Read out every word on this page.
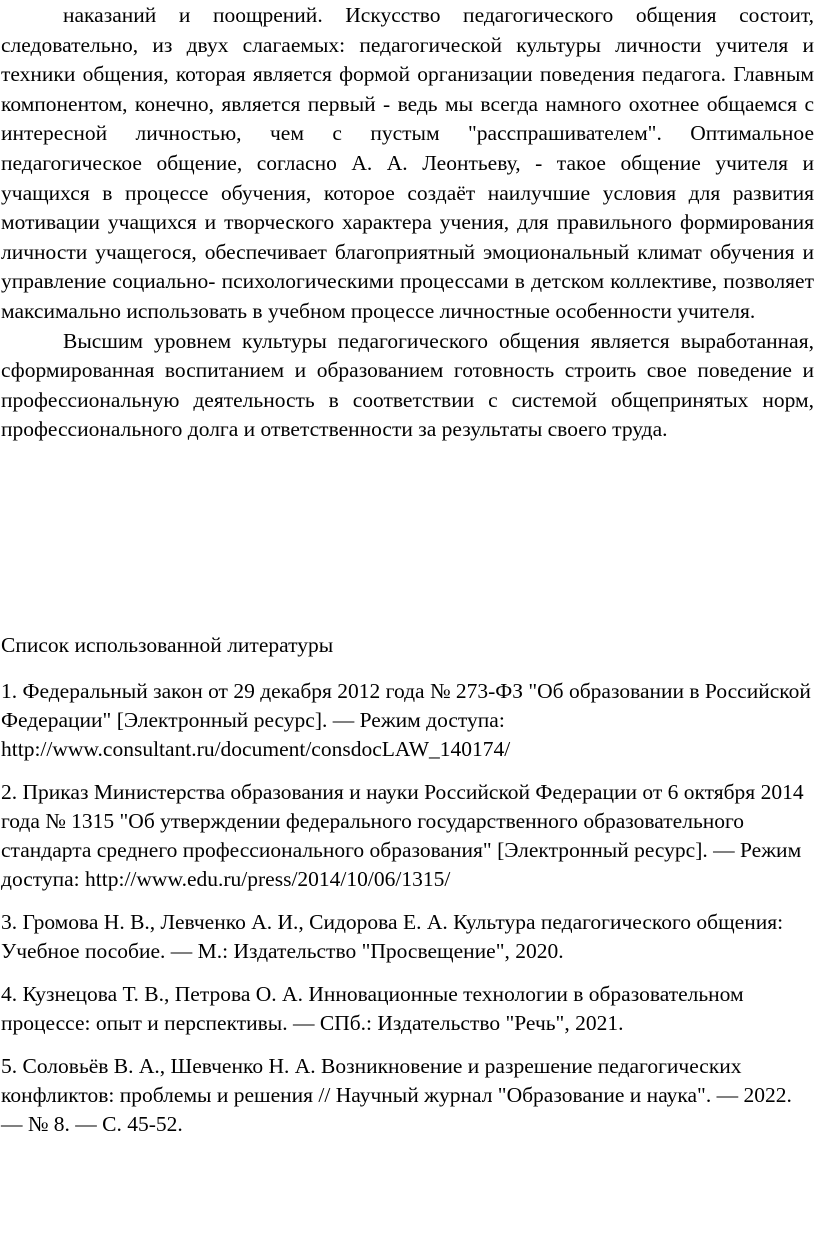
наказаний и поощрений. Искусство педагогического общения состоит, следовательно, из двух слагаемых: педагогической культуры личности учителя и техники общения, которая является формой организации поведения педагога. Главным компонентом, конечно, является первый - ведь мы всегда намного охотнее общаемся с интересной личностью, чем с пустым "расспрашивателем". Оптимальное педагогическое общение, согласно А. А. Леонтьеву, - такое общение учителя и учащихся в процессе обучения, которое создаёт наилучшие условия для развития мотивации учащихся и творческого характера учения, для правильного формирования личности учащегося, обеспечивает благоприятный эмоциональный климат обучения и управление социально- психологическими процессами в детском коллективе, позволяет максимально использовать в учебном процессе личностные особенности учителя.

Высшим уровнем культуры педагогического общения является выработанная, сформированная воспитанием и образованием готовность строить свое поведение и профессиональную деятельность в соответствии с системой общепринятых норм, профессионального долга и ответственности за результаты своего труда.

Список использованной литературы

1. Федеральный закон от 29 декабря 2012 года № 273-ФЗ "Об образовании в Российской Федерации" [Электронный ресурс]. — Режим доступа: http://www.consultant.ru/document/consdocLAW_140174/

2. Приказ Министерства образования и науки Российской Федерации от 6 октября 2014 года № 1315 "Об утверждении федерального государственного образовательного стандарта среднего профессионального образования" [Электронный ресурс]. — Режим доступа: http://www.edu.ru/press/2014/10/06/1315/

3. Громова Н. В., Левченко А. И., Сидорова Е. А. Культура педагогического общения: Учебное пособие. — М.: Издательство "Просвещение", 2020.

4. Кузнецова Т. В., Петрова О. А. Инновационные технологии в образовательном процессе: опыт и перспективы. — СПб.: Издательство "Речь", 2021.

5. Соловьёв В. А., Шевченко Н. А. Возникновение и разрешение педагогических конфликтов: проблемы и решения // Научный журнал "Образование и наука". — 2022. — № 8. — С. 45-52.
